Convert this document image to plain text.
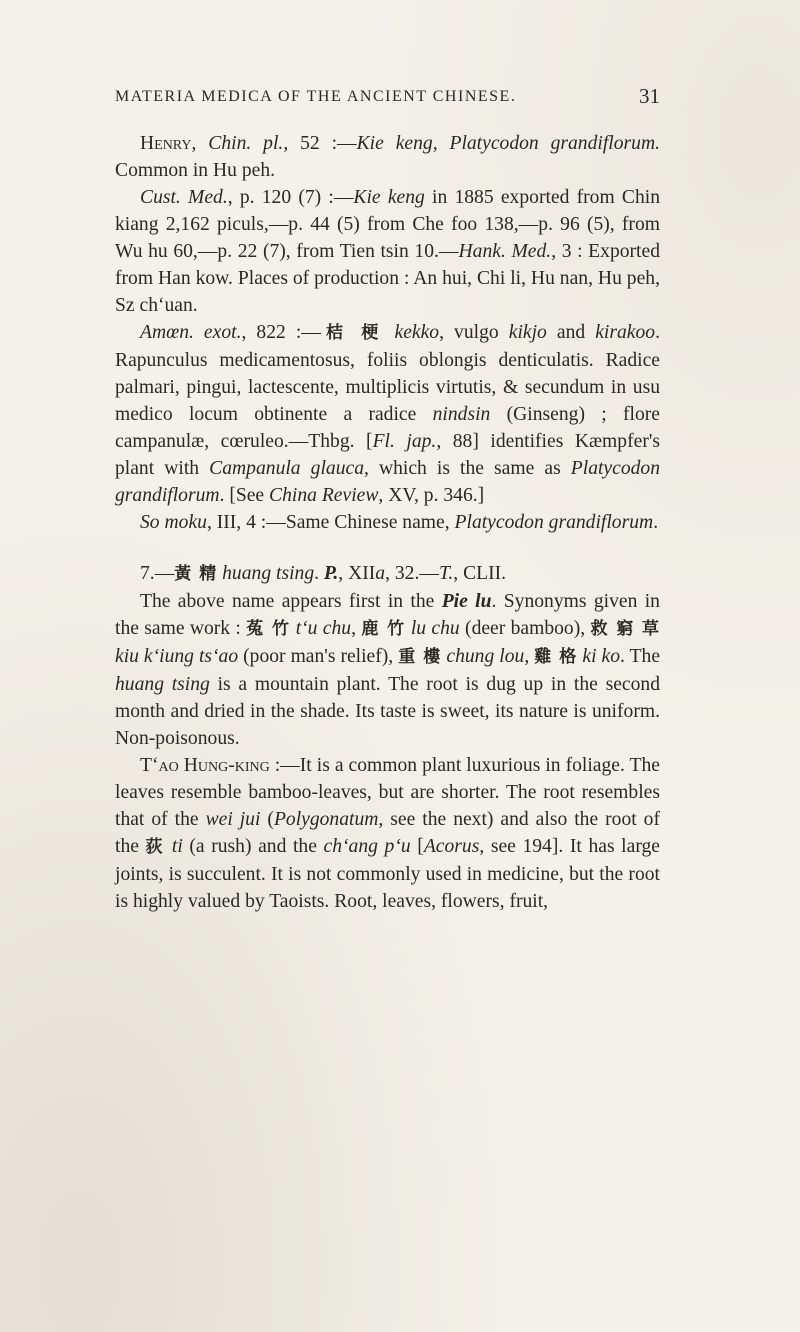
MATERIA MEDICA OF THE ANCIENT CHINESE.	31

Henry, Chin. pl., 52 :—Kie keng, Platycodon grandiflorum. Common in Hu peh.

Cust. Med., p. 120 (7) :—Kie keng in 1885 exported from Chin kiang 2,162 piculs,—p. 44 (5) from Che foo 138,—p. 96 (5), from Wu hu 60,—p. 22 (7), from Tien tsin 10.—Hank. Med., 3 : Exported from Han kow. Places of production : An hui, Chi li, Hu nan, Hu peh, Sz ch‘uan.

Amœn. exot., 822 :—桔 梗 kekko, vulgo kikjo and kirakoo. Rapunculus medicamentosus, foliis oblongis denticulatis. Radice palmari, pingui, lactescente, multiplicis virtutis, & secundum in usu medico locum obtinente a radice nindsin (Ginseng) ; flore campanulæ, cœruleo.—Thbg. [Fl. jap., 88] identifies Kæmpfer's plant with Campanula glauca, which is the same as Platycodon grandiflorum. [See China Review, XV, p. 346.]

So moku, III, 4 :—Same Chinese name, Platycodon grandiflorum.

7.—黃 精 huang tsing. P., XIIa, 32.—T., CLII.

The above name appears first in the Pie lu. Synonyms given in the same work : 菟 竹 t‘u chu, 鹿 竹 lu chu (deer bamboo), 救 窮 草 kiu k‘iung ts‘ao (poor man's relief), 重 樓 chung lou, 雞 格 ki ko. The huang tsing is a mountain plant. The root is dug up in the second month and dried in the shade. Its taste is sweet, its nature is uniform. Non-poisonous.

T‘ao Hung-king :—It is a common plant luxurious in foliage. The leaves resemble bamboo-leaves, but are shorter. The root resembles that of the wei jui (Polygonatum, see the next) and also the root of the 荻 ti (a rush) and the ch‘ang p‘u [Acorus, see 194]. It has large joints, is succulent. It is not commonly used in medicine, but the root is highly valued by Taoists. Root, leaves, flowers, fruit,
